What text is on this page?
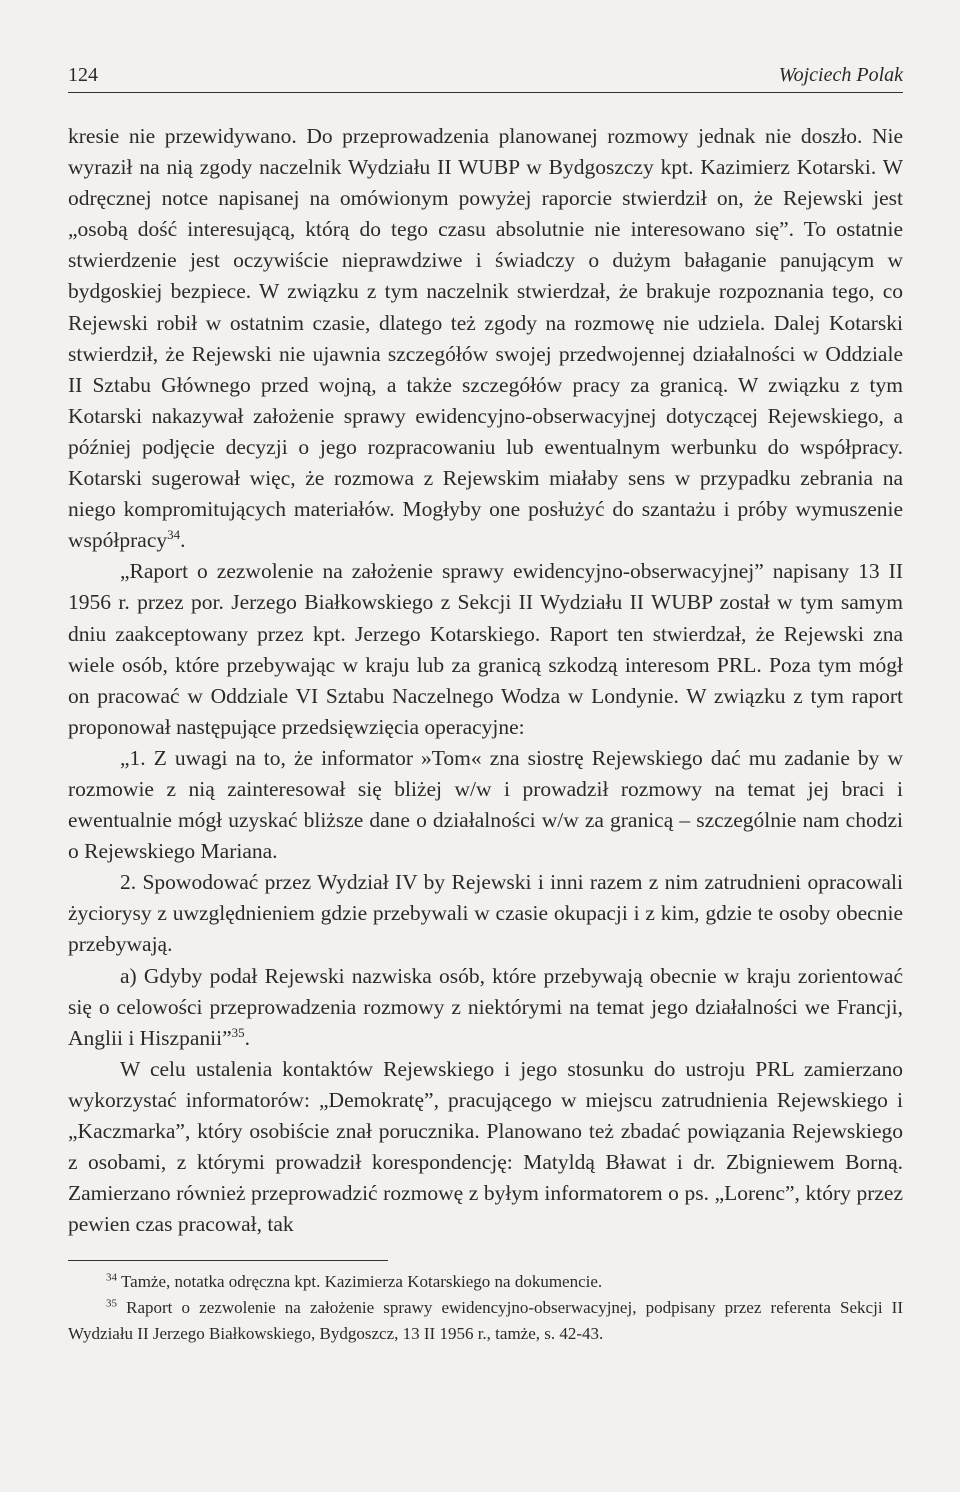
124	Wojciech Polak

kresie nie przewidywano. Do przeprowadzenia planowanej rozmowy jednak nie doszło. Nie wyraził na nią zgody naczelnik Wydziału II WUBP w Bydgoszczy kpt. Kazimierz Kotarski. W odręcznej notce napisanej na omówionym powyżej raporcie stwierdził on, że Rejewski jest „osobą dość interesującą, którą do tego czasu absolutnie nie interesowano się”. To ostatnie stwierdzenie jest oczywiście nieprawdziwe i świadczy o dużym bałaganie panującym w bydgoskiej bezpiece. W związku z tym naczelnik stwierdzał, że brakuje rozpoznania tego, co Rejewski robił w ostatnim czasie, dlatego też zgody na rozmowę nie udziela. Dalej Kotarski stwierdził, że Rejewski nie ujawnia szczegółów swojej przedwojennej działalności w Oddziale II Sztabu Głównego przed wojną, a także szczegółów pracy za granicą. W związku z tym Kotarski nakazywał założenie sprawy ewidencyjno-obserwacyjnej dotyczącej Rejewskiego, a później podjęcie decyzji o jego rozpracowaniu lub ewentualnym werbunku do współpracy. Kotarski sugerował więc, że rozmowa z Rejewskim miałaby sens w przypadku zebrania na niego kompromitujących materiałów. Mogłyby one posłużyć do szantażu i próby wymuszenie współpracy$^{34}$.

„Raport o zezwolenie na założenie sprawy ewidencyjno-obserwacyjnej” napisany 13 II 1956 r. przez por. Jerzego Białkowskiego z Sekcji II Wydziału II WUBP został w tym samym dniu zaakceptowany przez kpt. Jerzego Kotarskiego. Raport ten stwierdzał, że Rejewski zna wiele osób, które przebywając w kraju lub za granicą szkodzą interesom PRL. Poza tym mógł on pracować w Oddziale VI Sztabu Naczelnego Wodza w Londynie. W związku z tym raport proponował następujące przedsięwzięcia operacyjne:

„1. Z uwagi na to, że informator »Tom« zna siostrę Rejewskiego dać mu zadanie by w rozmowie z nią zainteresował się bliżej w/w i prowadził rozmowy na temat jej braci i ewentualnie mógł uzyskać bliższe dane o działalności w/w za granicą – szczególnie nam chodzi o Rejewskiego Mariana.

2. Spowodować przez Wydział IV by Rejewski i inni razem z nim zatrudnieni opracowali życiorysy z uwzględnieniem gdzie przebywali w czasie okupacji i z kim, gdzie te osoby obecnie przebywają.

a) Gdyby podał Rejewski nazwiska osób, które przebywają obecnie w kraju zorientować się o celowości przeprowadzenia rozmowy z niektórymi na temat jego działalności we Francji, Anglii i Hiszpanii”$^{35}$.

W celu ustalenia kontaktów Rejewskiego i jego stosunku do ustroju PRL zamierzano wykorzystać informatorów: „Demokratę”, pracującego w miejscu zatrudnienia Rejewskiego i „Kaczmarka”, który osobiście znał porucznika. Planowano też zbadać powiązania Rejewskiego z osobami, z którymi prowadził korespondencję: Matyldą Bławat i dr. Zbigniewem Borną. Zamierzano również przeprowadzić rozmowę z byłym informatorem o ps. „Lorenc”, który przez pewien czas pracował, tak

$^{34}$ Tamże, notatka odręczna kpt. Kazimierza Kotarskiego na dokumencie.

$^{35}$ Raport o zezwolenie na założenie sprawy ewidencyjno-obserwacyjnej, podpisany przez referenta Sekcji II Wydziału II Jerzego Białkowskiego, Bydgoszcz, 13 II 1956 r., tamże, s. 42-43.
